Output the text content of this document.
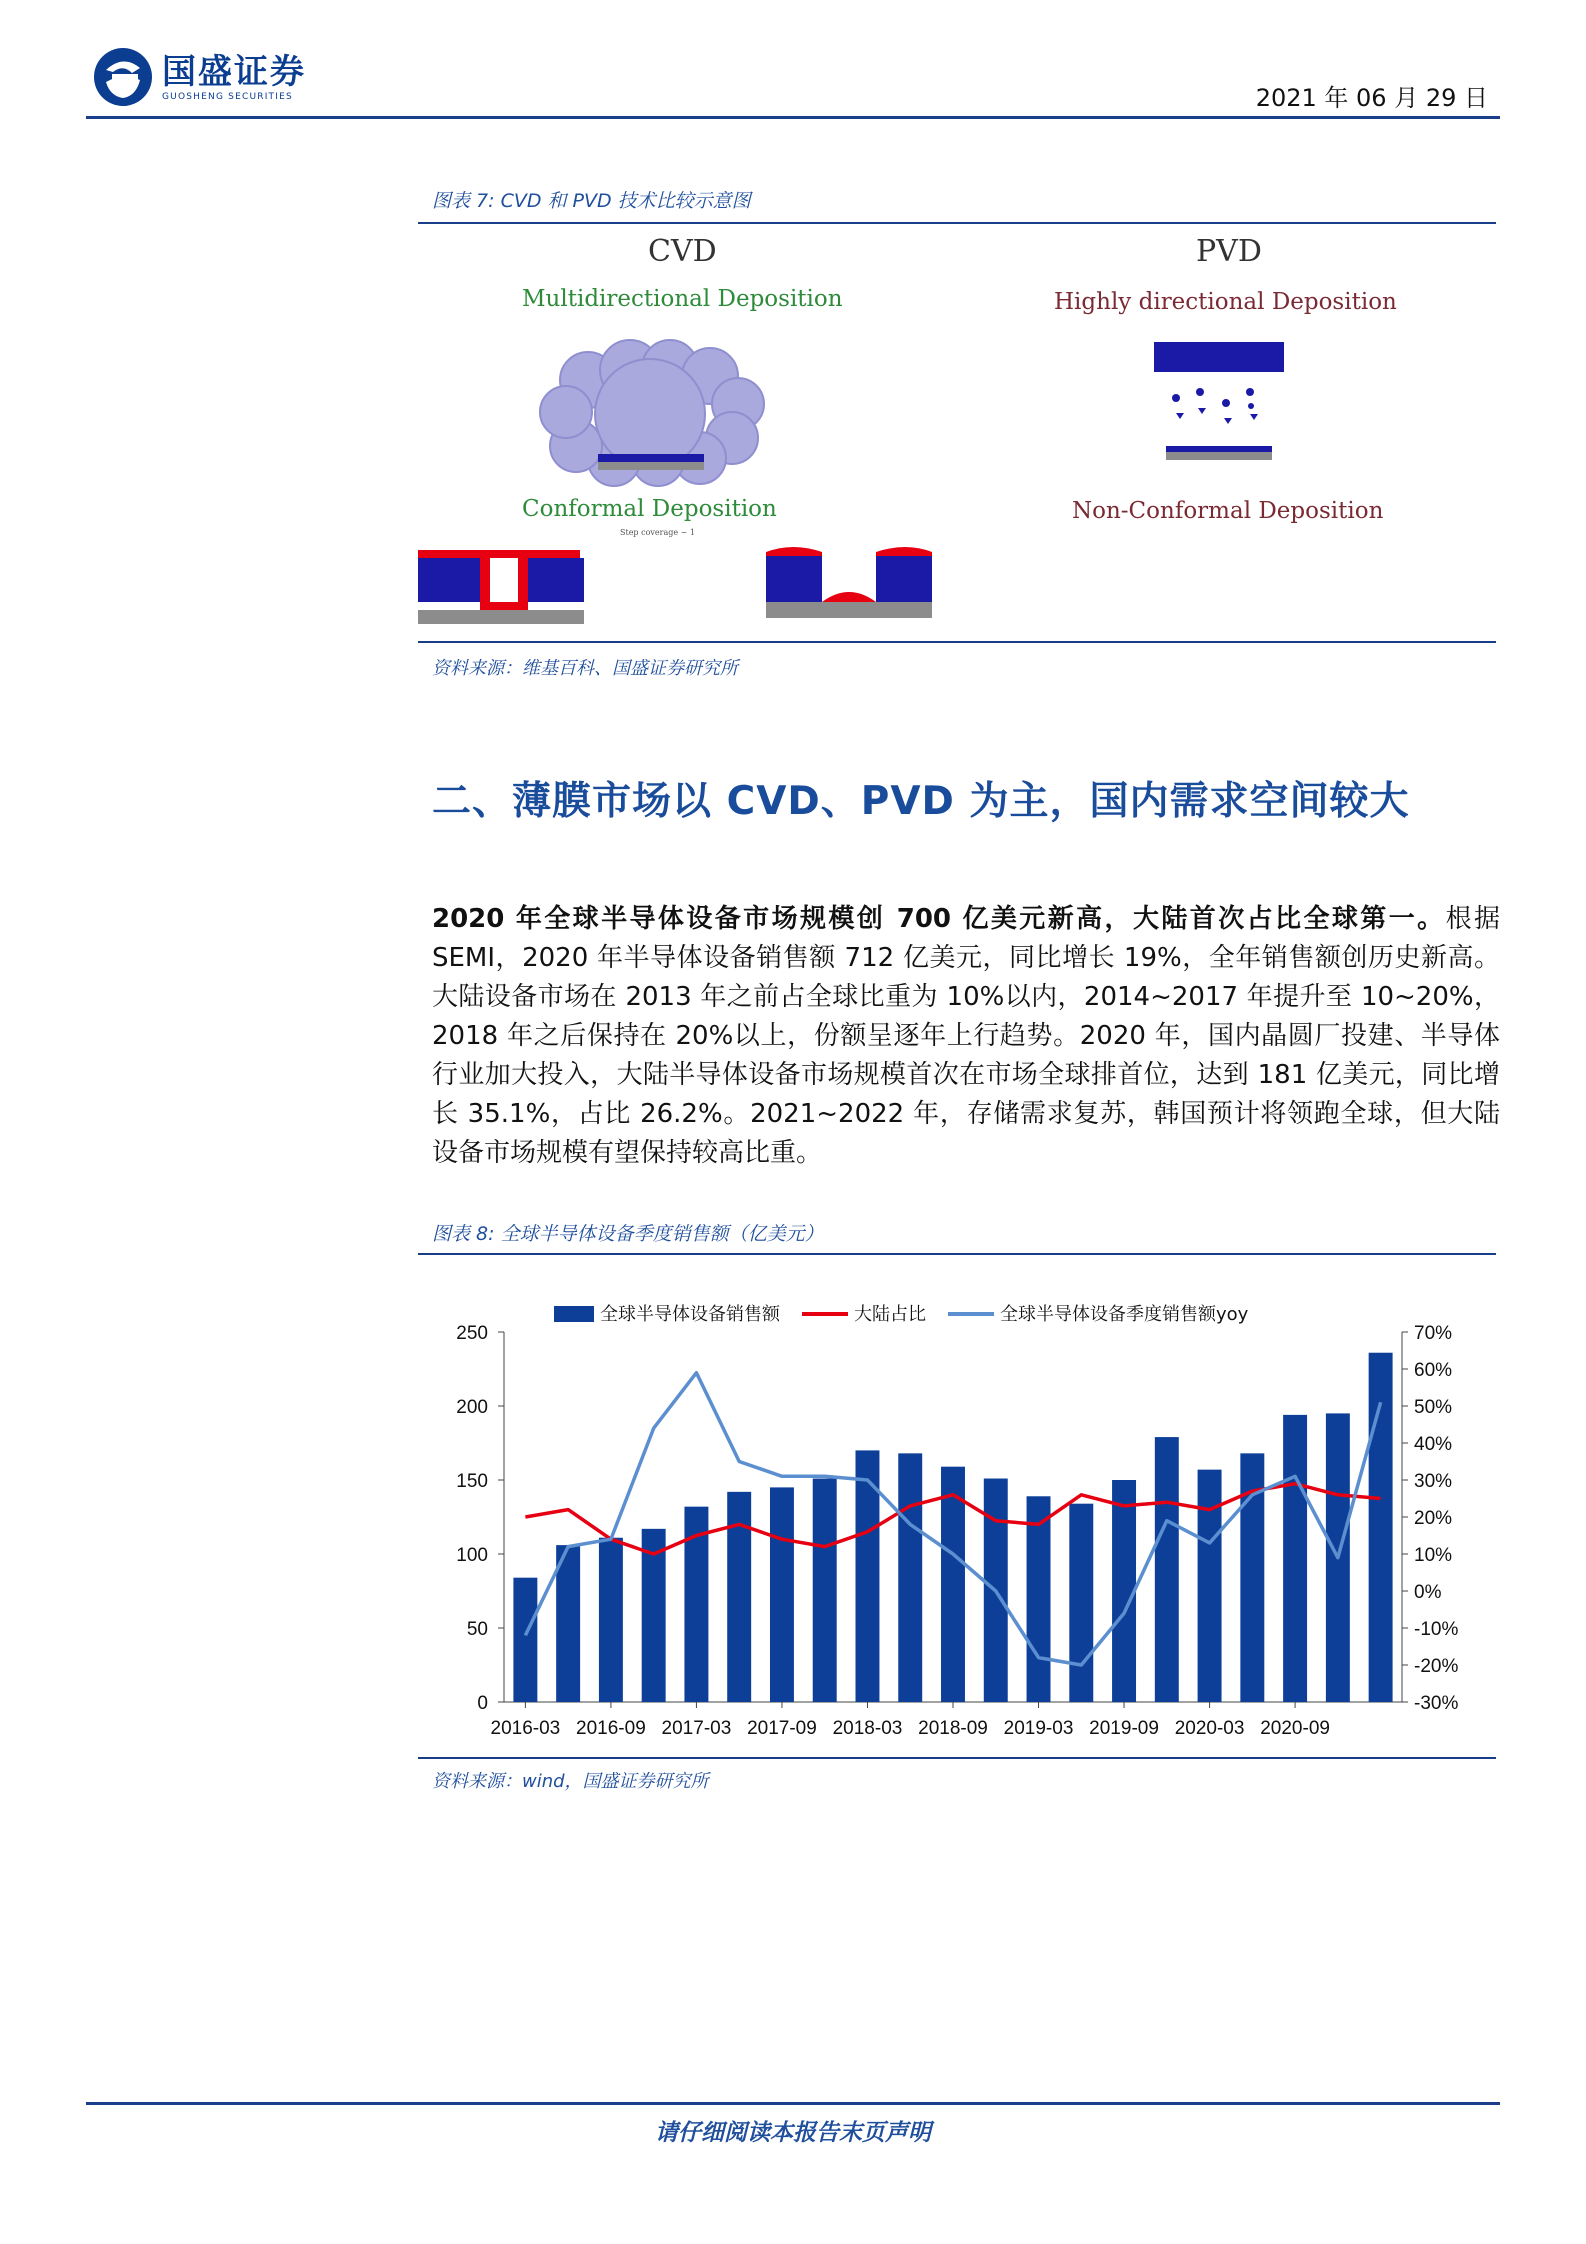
国盛证券
GUOSHENG SECURITIES	2021 年 06 月 29 日
图表 7: CVD 和 PVD 技术比较示意图
CVD
Multidirectional Deposition
PVD
Highly directional Deposition
Conformal Deposition
Step coverage ~ 1
Non-Conformal Deposition
资料来源：维基百科、国盛证券研究所
二、薄膜市场以 CVD、PVD 为主，国内需求空间较大
2020 年全球半导体设备市场规模创 700 亿美元新高，大陆首次占比全球第一。根据 SEMI，2020 年半导体设备销售额 712 亿美元，同比增长 19%，全年销售额创历史新高。大陆设备市场在 2013 年之前占全球比重为 10%以内，2014~2017 年提升至 10~20%，2018 年之后保持在 20%以上，份额呈逐年上行趋势。2020 年，国内晶圆厂投建、半导体行业加大投入，大陆半导体设备市场规模首次在市场全球排首位，达到 181 亿美元，同比增长 35.1%，占比 26.2%。2021~2022 年，存储需求复苏，韩国预计将领跑全球，但大陆设备市场规模有望保持较高比重。
图表 8: 全球半导体设备季度销售额（亿美元）
250
200
150
100
50
0
70%
60%
50%
40%
30%
20%
10%
0%
-10%
-20%
-30%
2016-03 2016-09 2017-03 2017-09 2018-03 2018-09 2019-03 2019-09 2020-03 2020-09
全球半导体设备销售额	大陆占比	全球半导体设备季度销售额yoy
资料来源：wind，国盛证券研究所
请仔细阅读本报告末页声明
